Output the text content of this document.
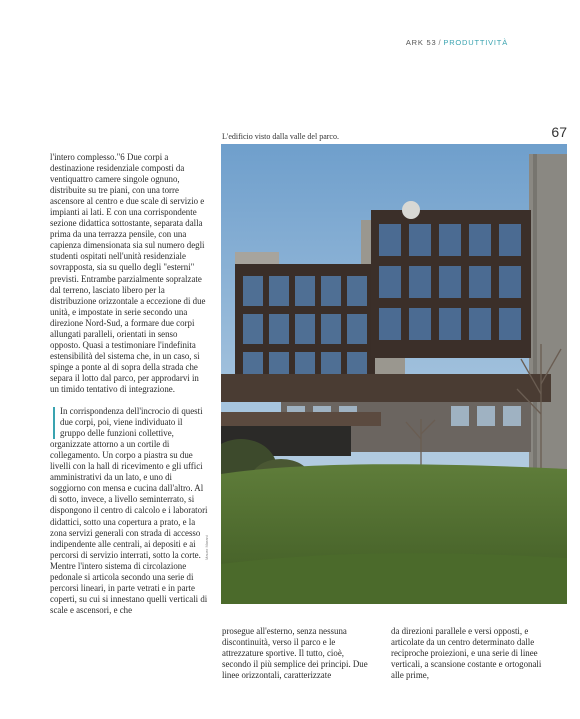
ARK 53 / PRODUTTIVITÀ
67
L'edificio visto dalla valle del parco.
Mauro Marani

l'intero complesso."6 Due corpi a destinazione residenziale composti da ventiquattro camere singole ognuno, distribuite su tre piani, con una torre ascensore al centro e due scale di servizio e impianti ai lati. E con una corrispondente sezione didattica sottostante, separata dalla prima da una terrazza pensile, con una capienza dimensionata sia sul numero degli studenti ospitati nell'unità residenziale sovrapposta, sia su quello degli "esterni" previsti. Entrambe parzialmente sopralzate dal terreno, lasciato libero per la distribuzione orizzontale a eccezione di due unità, e impostate in serie secondo una direzione Nord-Sud, a formare due corpi allungati paralleli, orientati in senso opposto. Quasi a testimoniare l'indefinita estensibilità del sistema che, in un caso, si spinge a ponte al di sopra della strada che separa il lotto dal parco, per approdarvi in un timido tentativo di integrazione.

In corrispondenza dell'incrocio di questi due corpi, poi, viene individuato il gruppo delle funzioni collettive, organizzate attorno a un cortile di collegamento. Un corpo a piastra su due livelli con la hall di ricevimento e gli uffici amministrativi da un lato, e uno di soggiorno con mensa e cucina dall'altro. Al di sotto, invece, a livello seminterrato, si dispongono il centro di calcolo e i laboratori didattici, sotto una copertura a prato, e la zona servizi generali con strada di accesso indipendente alle centrali, ai depositi e ai percorsi di servizio interrati, sotto la corte. Mentre l'intero sistema di circolazione pedonale si articola secondo una serie di percorsi lineari, in parte vetrati e in parte coperti, su cui si innestano quelli verticali di scale e ascensori, e che

prosegue all'esterno, senza nessuna discontinuità, verso il parco e le attrezzature sportive. Il tutto, cioè, secondo il più semplice dei principi. Due linee orizzontali, caratterizzate

da direzioni parallele e versi opposti, e articolate da un centro determinato dalle reciproche proiezioni, e una serie di linee verticali, a scansione costante e ortogonali alle prime,
